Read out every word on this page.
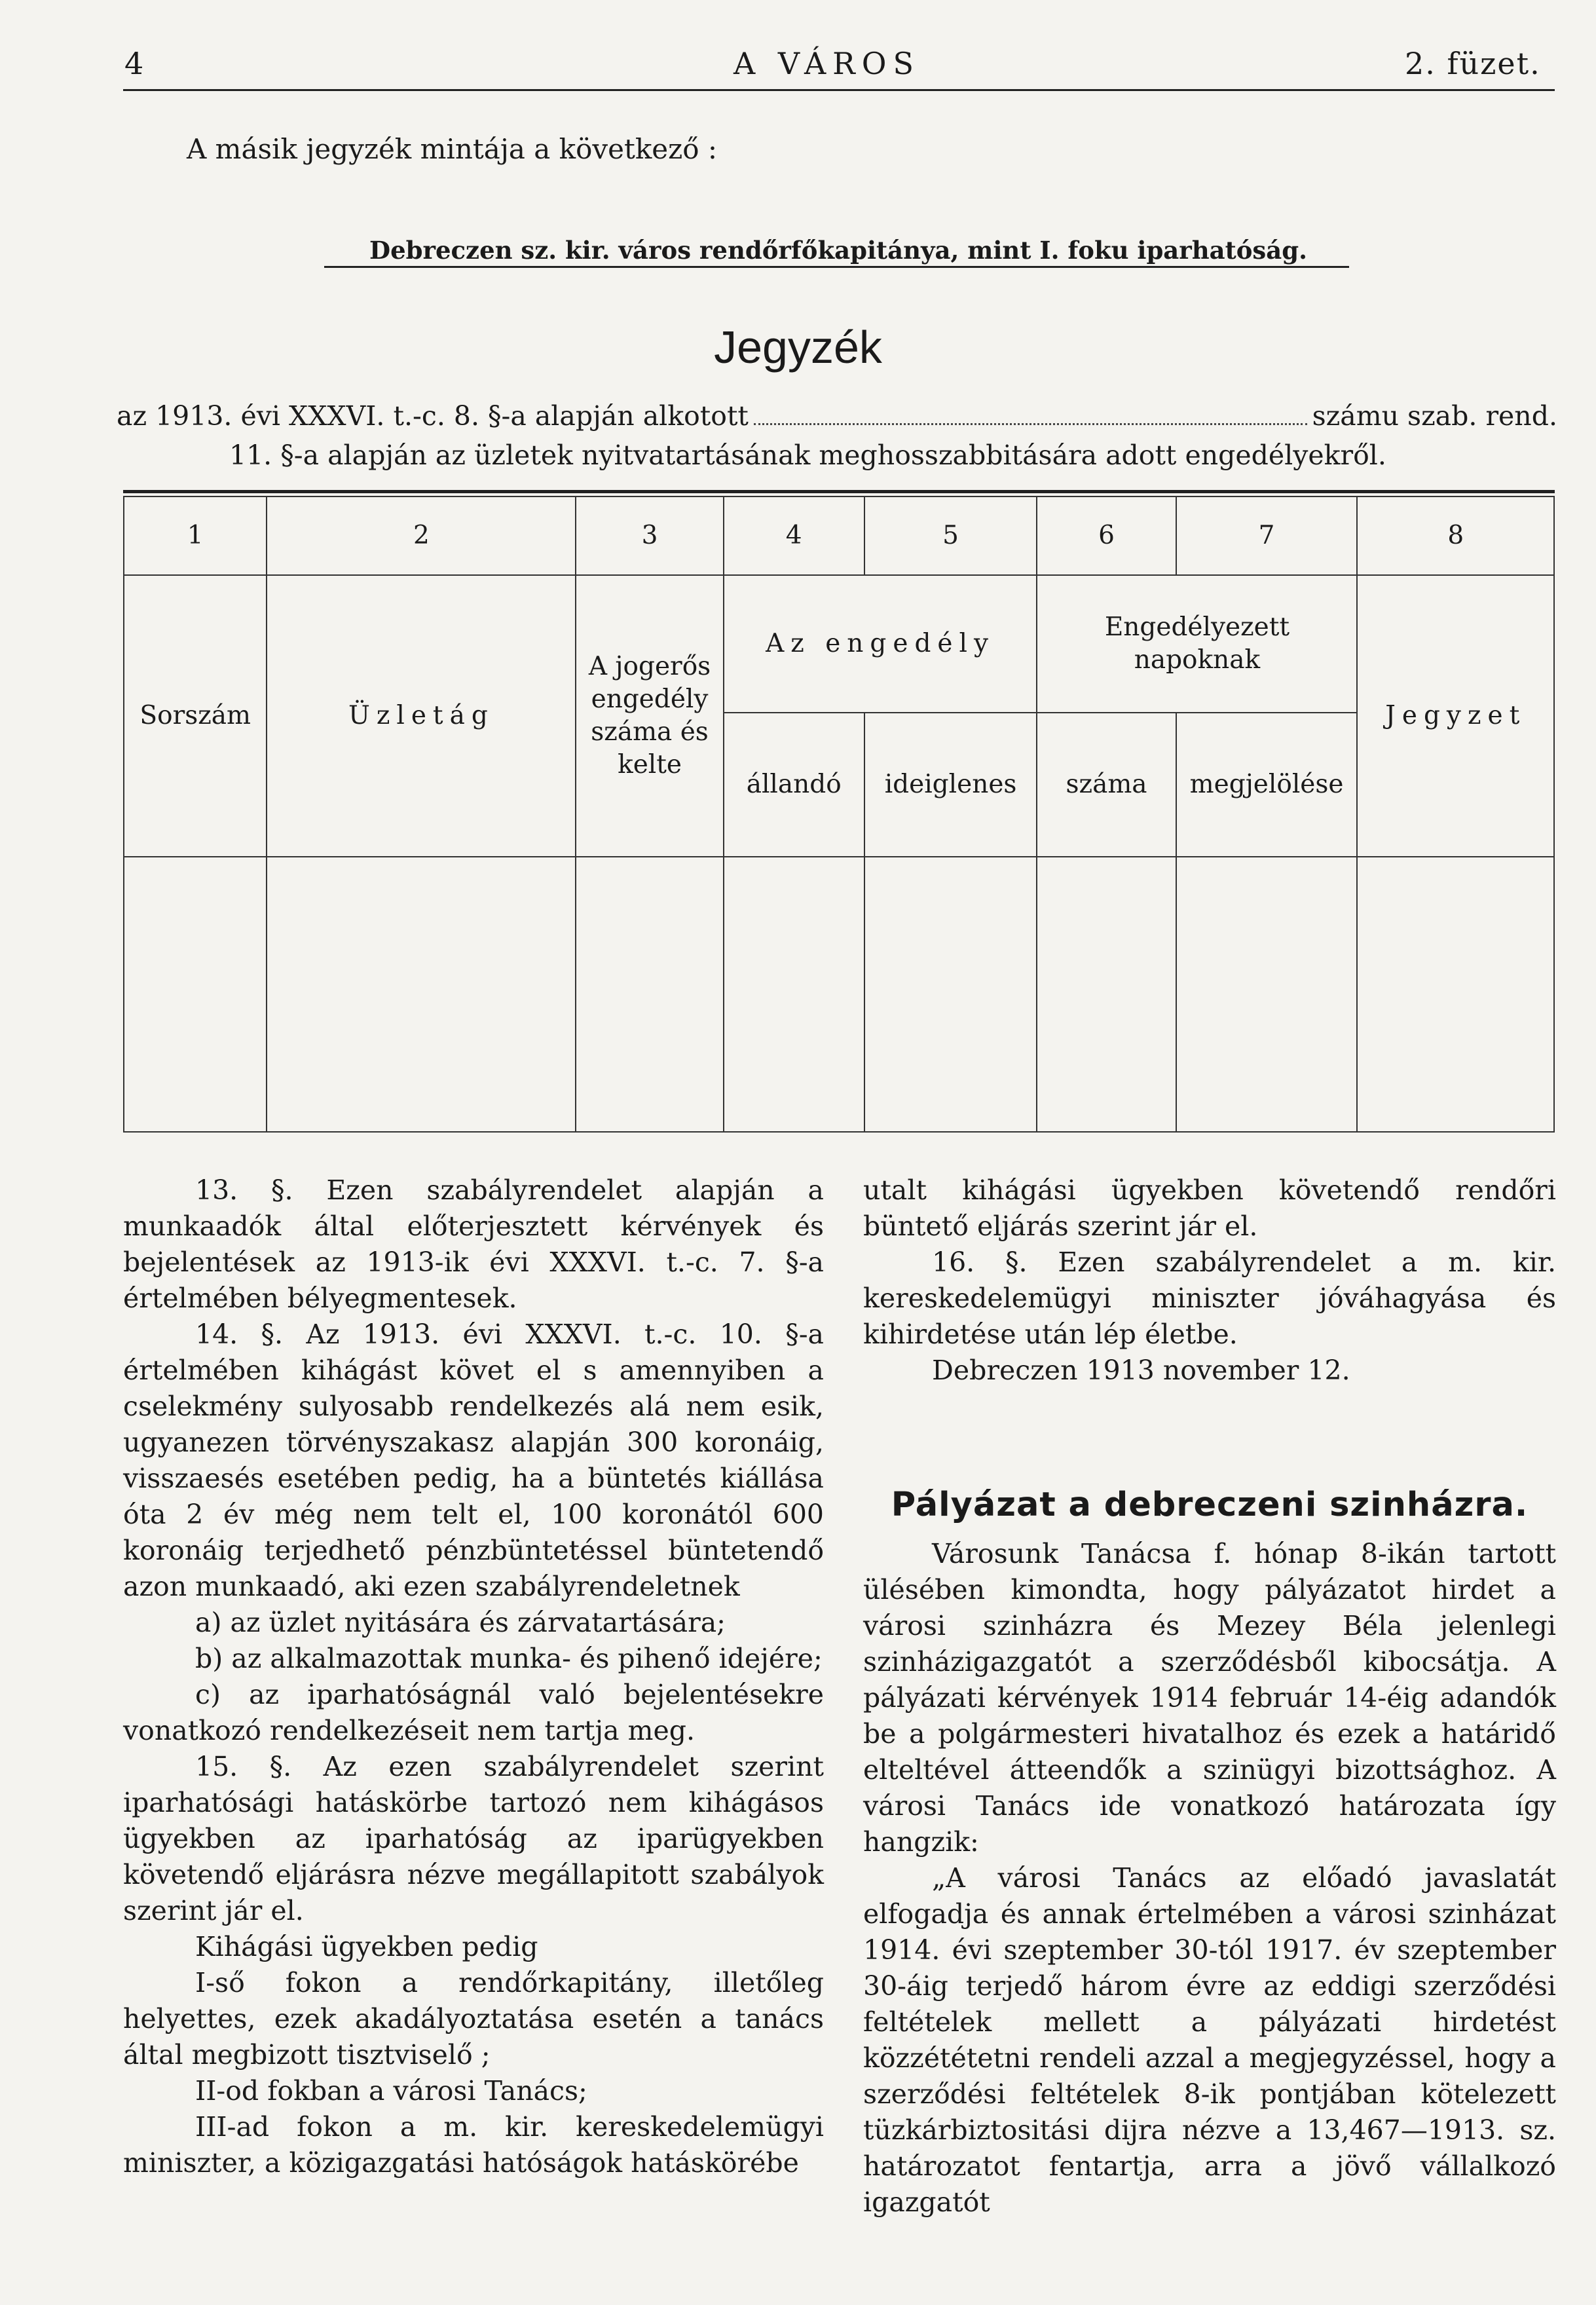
4	A VÁROS	2. füzet.

A másik jegyzék mintája a következő :

Debreczen sz. kir. város rendőrfőkapitánya, mint I. foku iparhatóság.
Jegyzék
az 1913. évi XXXVI. t.-c. 8. §-a alapján alkotott	számu szab. rend.
11. §-a alapján az üzletek nyitvatartásának meghosszabbitására adott engedélyekről.
1	2	3	4	5	6	7	8
Sorszám	Üzletág	A jogerős engedély száma és kelte	Az engedély		Engedélyezett napoknak		Jegyzet
			állandó	ideiglenes	száma	megjelölése	

13. §. Ezen szabályrendelet alapján a munkaadók által előterjesztett kérvények és bejelentések az 1913-ik évi XXXVI. t.-c. 7. §-a értelmében bélyegmentesek.

14. §. Az 1913. évi XXXVI. t.-c. 10. §-a értelmében kihágást követ el s amennyiben a cselekmény sulyosabb rendelkezés alá nem esik, ugyanezen törvényszakasz alapján 300 koronáig, visszaesés esetében pedig, ha a büntetés kiállása óta 2 év még nem telt el, 100 koronától 600 koronáig terjedhető pénzbüntetéssel büntetendő azon munkaadó, aki ezen szabályrendeletnek

a) az üzlet nyitására és zárvatartására;

b) az alkalmazottak munka- és pihenő idejére;

c) az iparhatóságnál való bejelentésekre vonatkozó rendelkezéseit nem tartja meg.

15. §. Az ezen szabályrendelet szerint iparhatósági hatáskörbe tartozó nem kihágásos ügyekben az iparhatóság az iparügyekben követendő eljárásra nézve megállapitott szabályok szerint jár el.

Kihágási ügyekben pedig

I-ső fokon a rendőrkapitány, illetőleg helyettes, ezek akadályoztatása esetén a tanács által megbizott tisztviselő ;

II-od fokban a városi Tanács;

III-ad fokon a m. kir. kereskedelemügyi miniszter, a közigazgatási hatóságok hatáskörébe

utalt kihágási ügyekben követendő rendőri büntető eljárás szerint jár el.

16. §. Ezen szabályrendelet a m. kir. kereskedelemügyi miniszter jóváhagyása és kihirdetése után lép életbe.

Debreczen 1913 november 12.

Pályázat a debreczeni szinházra.

Városunk Tanácsa f. hónap 8-ikán tartott ülésében kimondta, hogy pályázatot hirdet a városi szinházra és Mezey Béla jelenlegi szinházigazgatót a szerződésből kibocsátja. A pályázati kérvények 1914 február 14-éig adandók be a polgármesteri hivatalhoz és ezek a határidő elteltével átteendők a szinügyi bizottsághoz. A városi Tanács ide vonatkozó határozata így hangzik:

„A városi Tanács az előadó javaslatát elfogadja és annak értelmében a városi szinházat 1914. évi szeptember 30-tól 1917. év szeptember 30-áig terjedő három évre az eddigi szerződési feltételek mellett a pályázati hirdetést közzététetni rendeli azzal a megjegyzéssel, hogy a szerződési feltételek 8-ik pontjában kötelezett tüzkárbiztositási dijra nézve a 13,467—1913. sz. határozatot fentartja, arra a jövő vállalkozó igazgatót
